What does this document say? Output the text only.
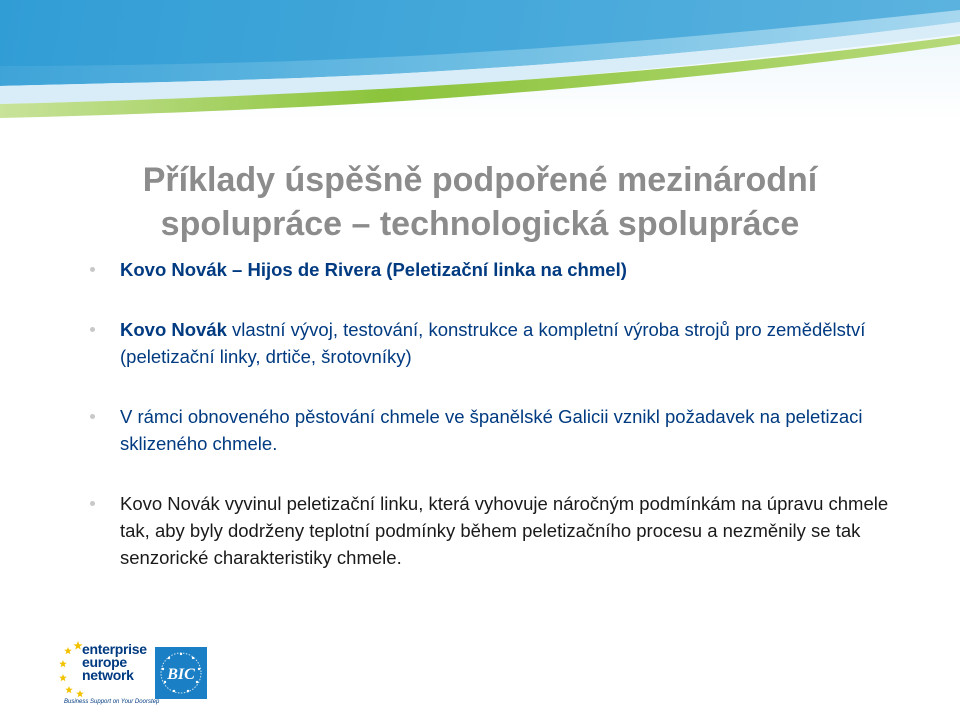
Příklady úspěšně podpořené mezinárodní
spolupráce – technologická spolupráce
Kovo Novák – Hijos de Rivera (Peletizační linka na chmel)
Kovo Novák vlastní vývoj, testování, konstrukce a kompletní výroba strojů pro zemědělství (peletizační linky, drtiče, šrotovníky)
V rámci obnoveného pěstování chmele ve španělské Galicii vznikl požadavek na peletizaci sklizeného chmele.
Kovo Novák vyvinul peletizační linku, která vyhovuje náročným podmínkám na úpravu chmele tak, aby byly dodrženy teplotní podmínky během peletizačního procesu a nezměnily se tak senzorické charakteristiky chmele.
enterprise
europe
network
Business Support on Your Doorstep
BIC
